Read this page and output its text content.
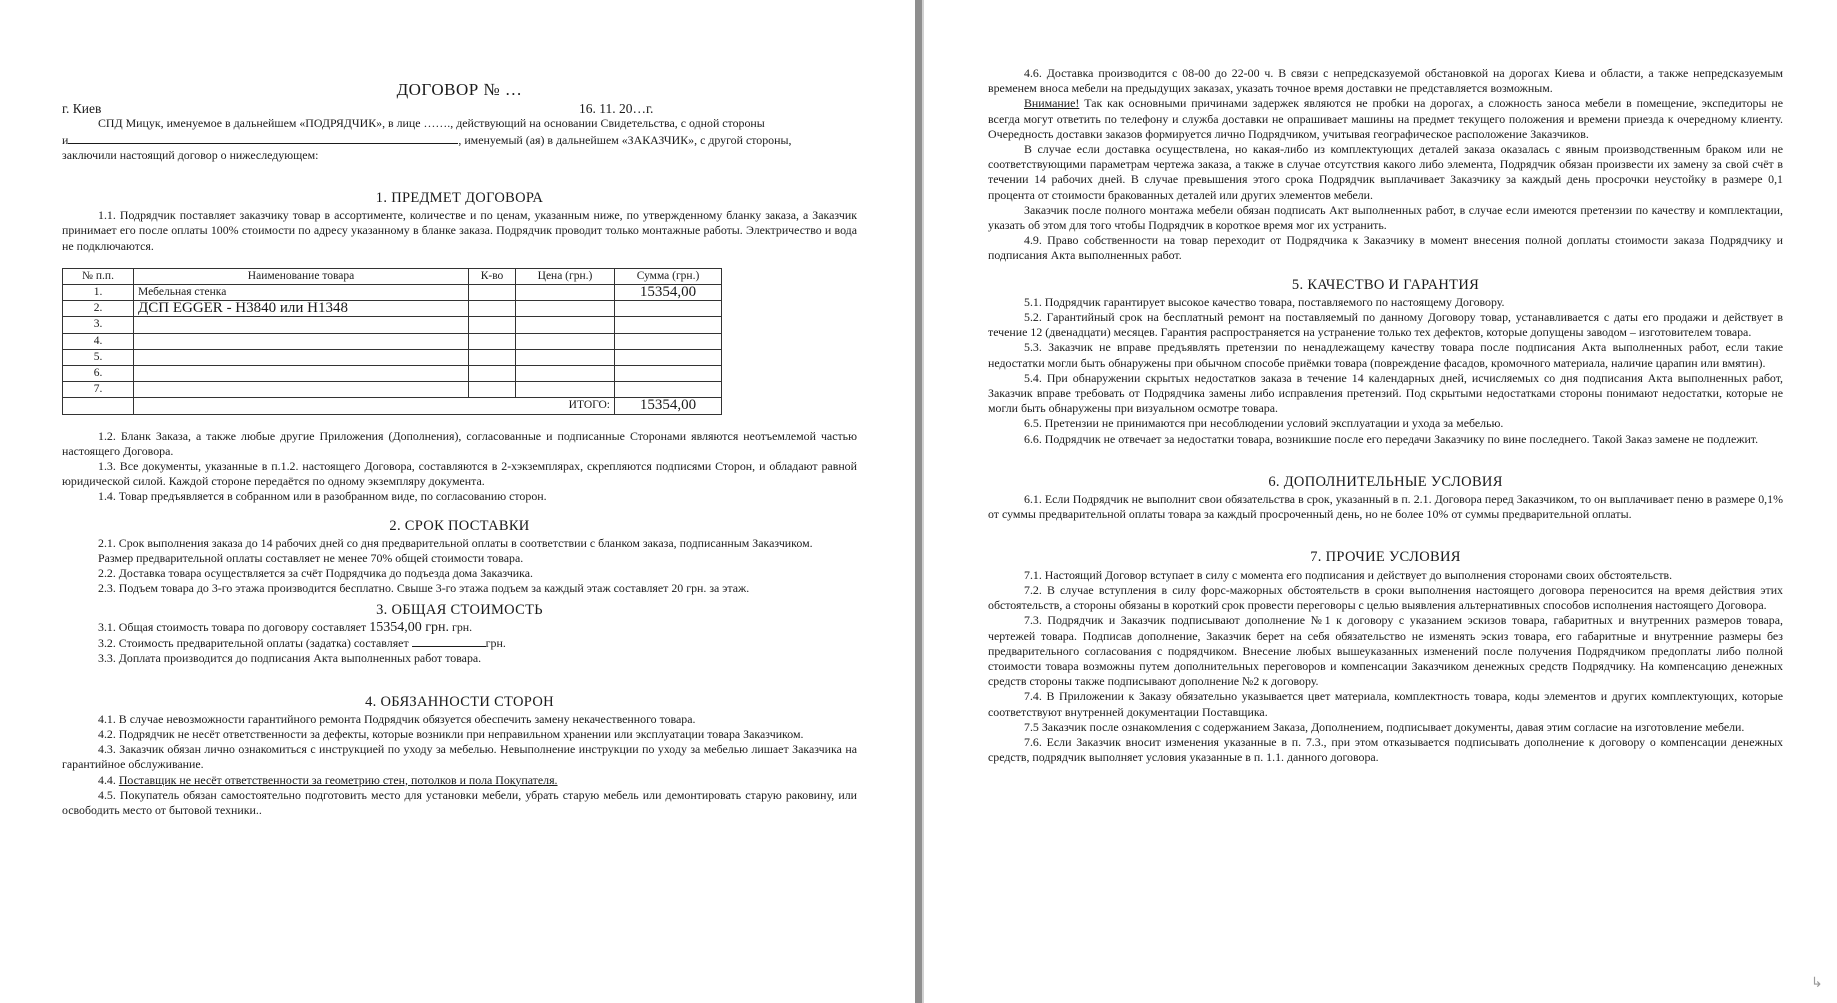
ДОГОВОР № …
г. Киев	16. 11. 20…г.

СПД Мицук, именуемое в дальнейшем «ПОДРЯДЧИК», в лице ……., действующий на основании Свидетельства, с одной стороны

и	, именуемый (ая) в дальнейшем «ЗАКАЗЧИК», с другой стороны,

заключили настоящий договор о нижеследующем:

1. ПРЕДМЕТ ДОГОВОРА

1.1. Подрядчик поставляет заказчику товар в ассортименте, количестве и по ценам, указанным ниже, по утвержденному бланку заказа, а Заказчик принимает его после оплаты 100% стоимости по адресу указанному в бланке заказа. Подрядчик проводит только монтажные работы. Электричество и вода не подключаются.

№ п.п.	Наименование товара	К-во	Цена (грн.)	Сумма (грн.)
1.	Мебельная стенка			15354,00
2.	ДСП EGGER - H3840 или H1348			
3.				
4.				
5.				
6.				
7.				
	ИТОГО:			15354,00

1.2. Бланк Заказа, а также любые другие Приложения (Дополнения), согласованные и подписанные Сторонами являются неотъемлемой частью настоящего Договора.

1.3. Все документы, указанные в п.1.2. настоящего Договора, составляются в 2-хэкземплярах, скрепляются подписями Сторон, и обладают равной юридической силой. Каждой стороне передаётся по одному экземпляру документа.

1.4. Товар предъявляется в собранном или в разобранном виде, по согласованию сторон.

2. СРОК ПОСТАВКИ

2.1. Срок выполнения заказа до 14 рабочих дней со дня предварительной оплаты в соответствии с бланком заказа, подписанным Заказчиком.

Размер предварительной оплаты составляет не менее 70% общей стоимости товара.

2.2. Доставка товара осуществляется за счёт Подрядчика до подъезда дома Заказчика.

2.3. Подъем товара до 3-го этажа производится бесплатно. Свыше 3-го этажа подъем за каждый этаж составляет 20 грн. за этаж.

3. ОБЩАЯ СТОИМОСТЬ

3.1. Общая стоимость товара по договору составляет 15354,00 грн. грн.

3.2. Стоимость предварительной оплаты (задатка) составляет	грн.

3.3. Доплата производится до подписания Акта выполненных работ товара.

4. ОБЯЗАННОСТИ СТОРОН

4.1. В случае невозможности гарантийного ремонта Подрядчик обязуется обеспечить замену некачественного товара.

4.2. Подрядчик не несёт ответственности за дефекты, которые возникли при неправильном хранении или эксплуатации товара Заказчиком.

4.3. Заказчик обязан лично ознакомиться с инструкцией по уходу за мебелью. Невыполнение инструкции по уходу за мебелью лишает Заказчика на гарантийное обслуживание.

4.4. Поставщик не несёт ответственности за геометрию стен, потолков и пола Покупателя.

4.5. Покупатель обязан самостоятельно подготовить место для установки мебели, убрать старую мебель или демонтировать старую раковину, или освободить место от бытовой техники..

4.6. Доставка производится с 08-00 до 22-00 ч. В связи с непредсказуемой обстановкой на дорогах Киева и области, а также непредсказуемым временем вноса мебели на предыдущих заказах, указать точное время доставки не представляется возможным.

Внимание! Так как основными причинами задержек являются не пробки на дорогах, а сложность заноса мебели в помещение, экспедиторы не всегда могут ответить по телефону и служба доставки не опрашивает машины на предмет текущего положения и времени приезда к очередному клиенту. Очередность доставки заказов формируется лично Подрядчиком, учитывая географическое расположение Заказчиков.

В случае если доставка осуществлена, но какая-либо из комплектующих деталей заказа оказалась с явным производственным браком или не соответствующими параметрам чертежа заказа, а также в случае отсутствия какого либо элемента, Подрядчик обязан произвести их замену за свой счёт в течении 14 рабочих дней. В случае превышения этого срока Подрядчик выплачивает Заказчику за каждый день просрочки неустойку в размере 0,1 процента от стоимости бракованных деталей или других элементов мебели.

Заказчик после полного монтажа мебели обязан подписать Акт выполненных работ, в случае если имеются претензии по качеству и комплектации, указать об этом для того чтобы Подрядчик в короткое время мог их устранить.

4.9. Право собственности на товар переходит от Подрядчика к Заказчику в момент внесения полной доплаты стоимости заказа Подрядчику и подписания Акта выполненных работ.

5. КАЧЕСТВО И ГАРАНТИЯ

5.1. Подрядчик гарантирует высокое качество товара, поставляемого по настоящему Договору.

5.2. Гарантийный срок на бесплатный ремонт на поставляемый по данному Договору товар, устанавливается с даты его продажи и действует в течение 12 (двенадцати) месяцев. Гарантия распространяется на устранение только тех дефектов, которые допущены заводом – изготовителем товара.

5.3. Заказчик не вправе предъявлять претензии по ненадлежащему качеству товара после подписания Акта выполненных работ, если такие недостатки могли быть обнаружены при обычном способе приёмки товара (повреждение фасадов, кромочного материала, наличие царапин или вмятин).

5.4. При обнаружении скрытых недостатков заказа в течение 14 календарных дней, исчисляемых со дня подписания Акта выполненных работ, Заказчик вправе требовать от Подрядчика замены либо исправления претензий. Под скрытыми недостатками стороны понимают недостатки, которые не могли быть обнаружены при визуальном осмотре товара.

6.5. Претензии не принимаются при несоблюдении условий эксплуатации и ухода за мебелью.

6.6. Подрядчик не отвечает за недостатки товара, возникшие после его передачи Заказчику по вине последнего. Такой Заказ замене не подлежит.

6. ДОПОЛНИТЕЛЬНЫЕ УСЛОВИЯ

6.1. Если Подрядчик не выполнит свои обязательства в срок, указанный в п. 2.1. Договора перед Заказчиком, то он выплачивает пеню в размере 0,1% от суммы предварительной оплаты товара за каждый просроченный день, но не более 10% от суммы предварительной оплаты.

7. ПРОЧИЕ УСЛОВИЯ

7.1. Настоящий Договор вступает в силу с момента его подписания и действует до выполнения сторонами своих обстоятельств.

7.2. В случае вступления в силу форс-мажорных обстоятельств в сроки выполнения настоящего договора переносится на время действия этих обстоятельств, а стороны обязаны в короткий срок провести переговоры с целью выявления альтернативных способов исполнения настоящего Договора.

7.3. Подрядчик и Заказчик подписывают дополнение №1 к договору с указанием эскизов товара, габаритных и внутренних размеров товара, чертежей товара. Подписав дополнение, Заказчик берет на себя обязательство не изменять эскиз товара, его габаритные и внутренние размеры без предварительного согласования с подрядчиком. Внесение любых вышеуказанных изменений после получения Подрядчиком предоплаты либо полной стоимости товара возможны путем дополнительных переговоров и компенсации Заказчиком денежных средств Подрядчику. На компенсацию денежных средств стороны также подписывают дополнение №2 к договору.

7.4. В Приложении к Заказу обязательно указывается цвет материала, комплектность товара, коды элементов и других комплектующих, которые соответствуют внутренней документации Поставщика.

7.5 Заказчик после ознакомления с содержанием Заказа, Дополнением, подписывает документы, давая этим согласие на изготовление мебели.

7.6. Если Заказчик вносит изменения указанные в п. 7.3., при этом отказывается подписывать дополнение к договору о компенсации денежных средств, подрядчик выполняет условия указанные в п. 1.1. данного договора.

↳
